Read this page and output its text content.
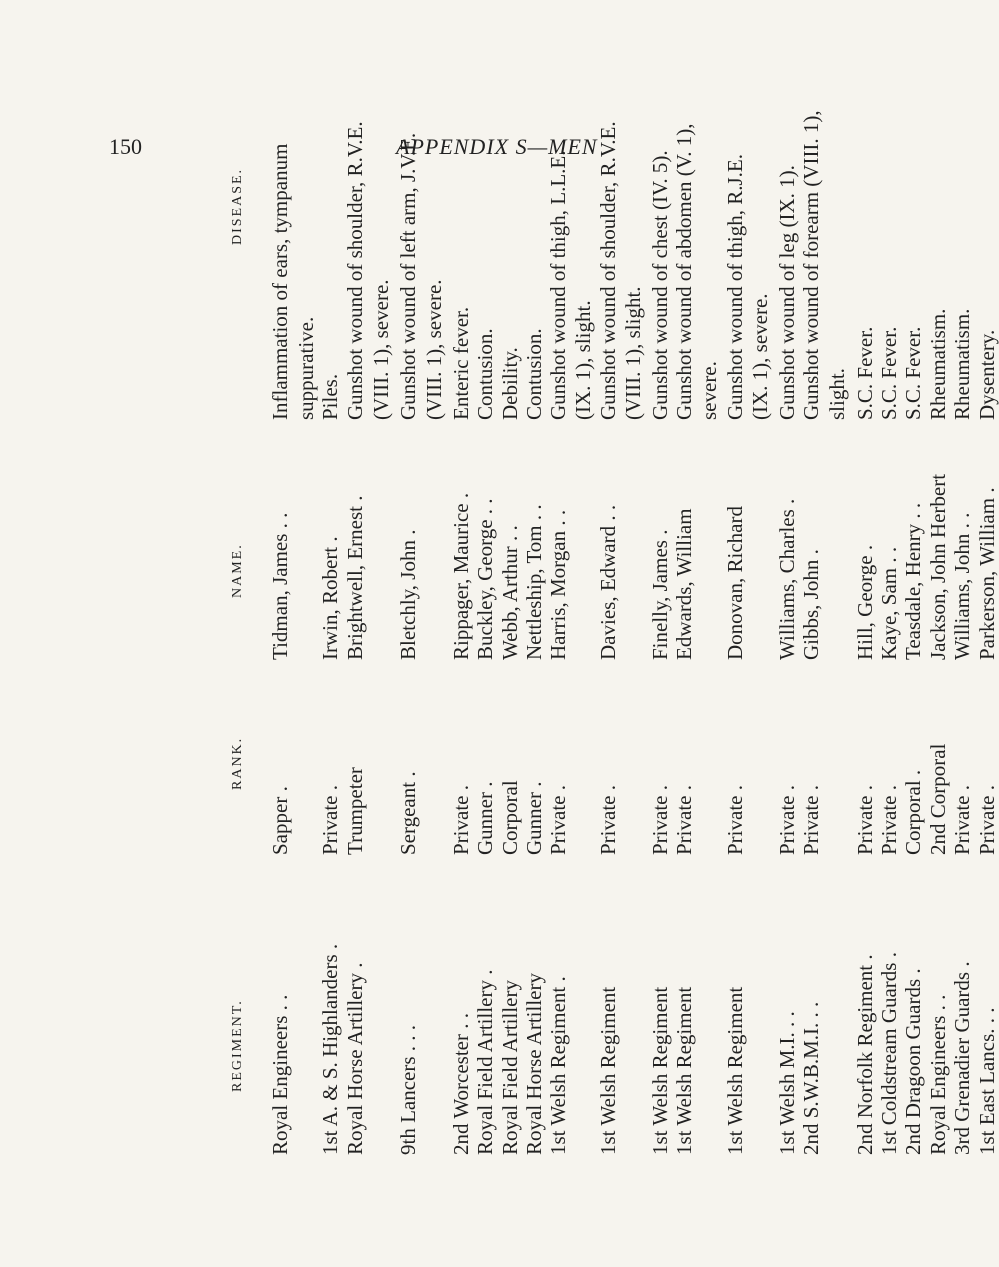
150	APPENDIX S—MEN
REGIMENT.
RANK.
NAME.
DISEASE.
Royal Engineers . .
Sapper .
Tidman, James . .
Inflammation of ears, tympanum suppurative.
1st A. & S. Highlanders .
Private .
Irwin, Robert .
Piles.
Royal Horse Artillery .
Trumpeter
Brightwell, Ernest .
Gunshot wound of shoulder, R.V.E. (VIII. 1), severe.
9th Lancers . . .
Sergeant .
Bletchly, John .
Gunshot wound of left arm, J.V.E. (VIII. 1), severe.
2nd Worcester . .
Private .
Rippager, Maurice .
Enteric fever.
Royal Field Artillery .
Gunner .
Buckley, George . .
Contusion.
Royal Field Artillery
Corporal
Webb, Arthur . .
Debility.
Royal Horse Artillery
Gunner .
Nettleship, Tom . .
Contusion.
1st Welsh Regiment .
Private .
Harris, Morgan . .
Gunshot wound of thigh, L.L.E. (IX. 1), slight.
1st Welsh Regiment
Private .
Davies, Edward . .
Gunshot wound of shoulder, R.V.E. (VIII. 1), slight.
1st Welsh Regiment
Private .
Finelly, James .
Gunshot wound of chest (IV. 5).
1st Welsh Regiment
Private .
Edwards, William
Gunshot wound of abdomen (V. 1), severe.
1st Welsh Regiment
Private .
Donovan, Richard
Gunshot wound of thigh, R.J.E. (IX. 1), severe.
1st Welsh M.I. . .
Private .
Williams, Charles .
Gunshot wound of leg (IX. 1).
2nd S.W.B.M.I. . .
Private .
Gibbs, John .
Gunshot wound of forearm (VIII. 1), slight.
2nd Norfolk Regiment .
Private .
Hill, George .
S.C. Fever.
1st Coldstream Guards .
Private .
Kaye, Sam . .
S.C. Fever.
2nd Dragoon Guards .
Corporal .
Teasdale, Henry . .
S.C. Fever.
Royal Engineers . .
2nd Corporal
Jackson, John Herbert
Rheumatism.
3rd Grenadier Guards .
Private .
Williams, John . .
Rheumatism.
1st East Lancs. . .
Private .
Parkerson, William .
Dysentery.
